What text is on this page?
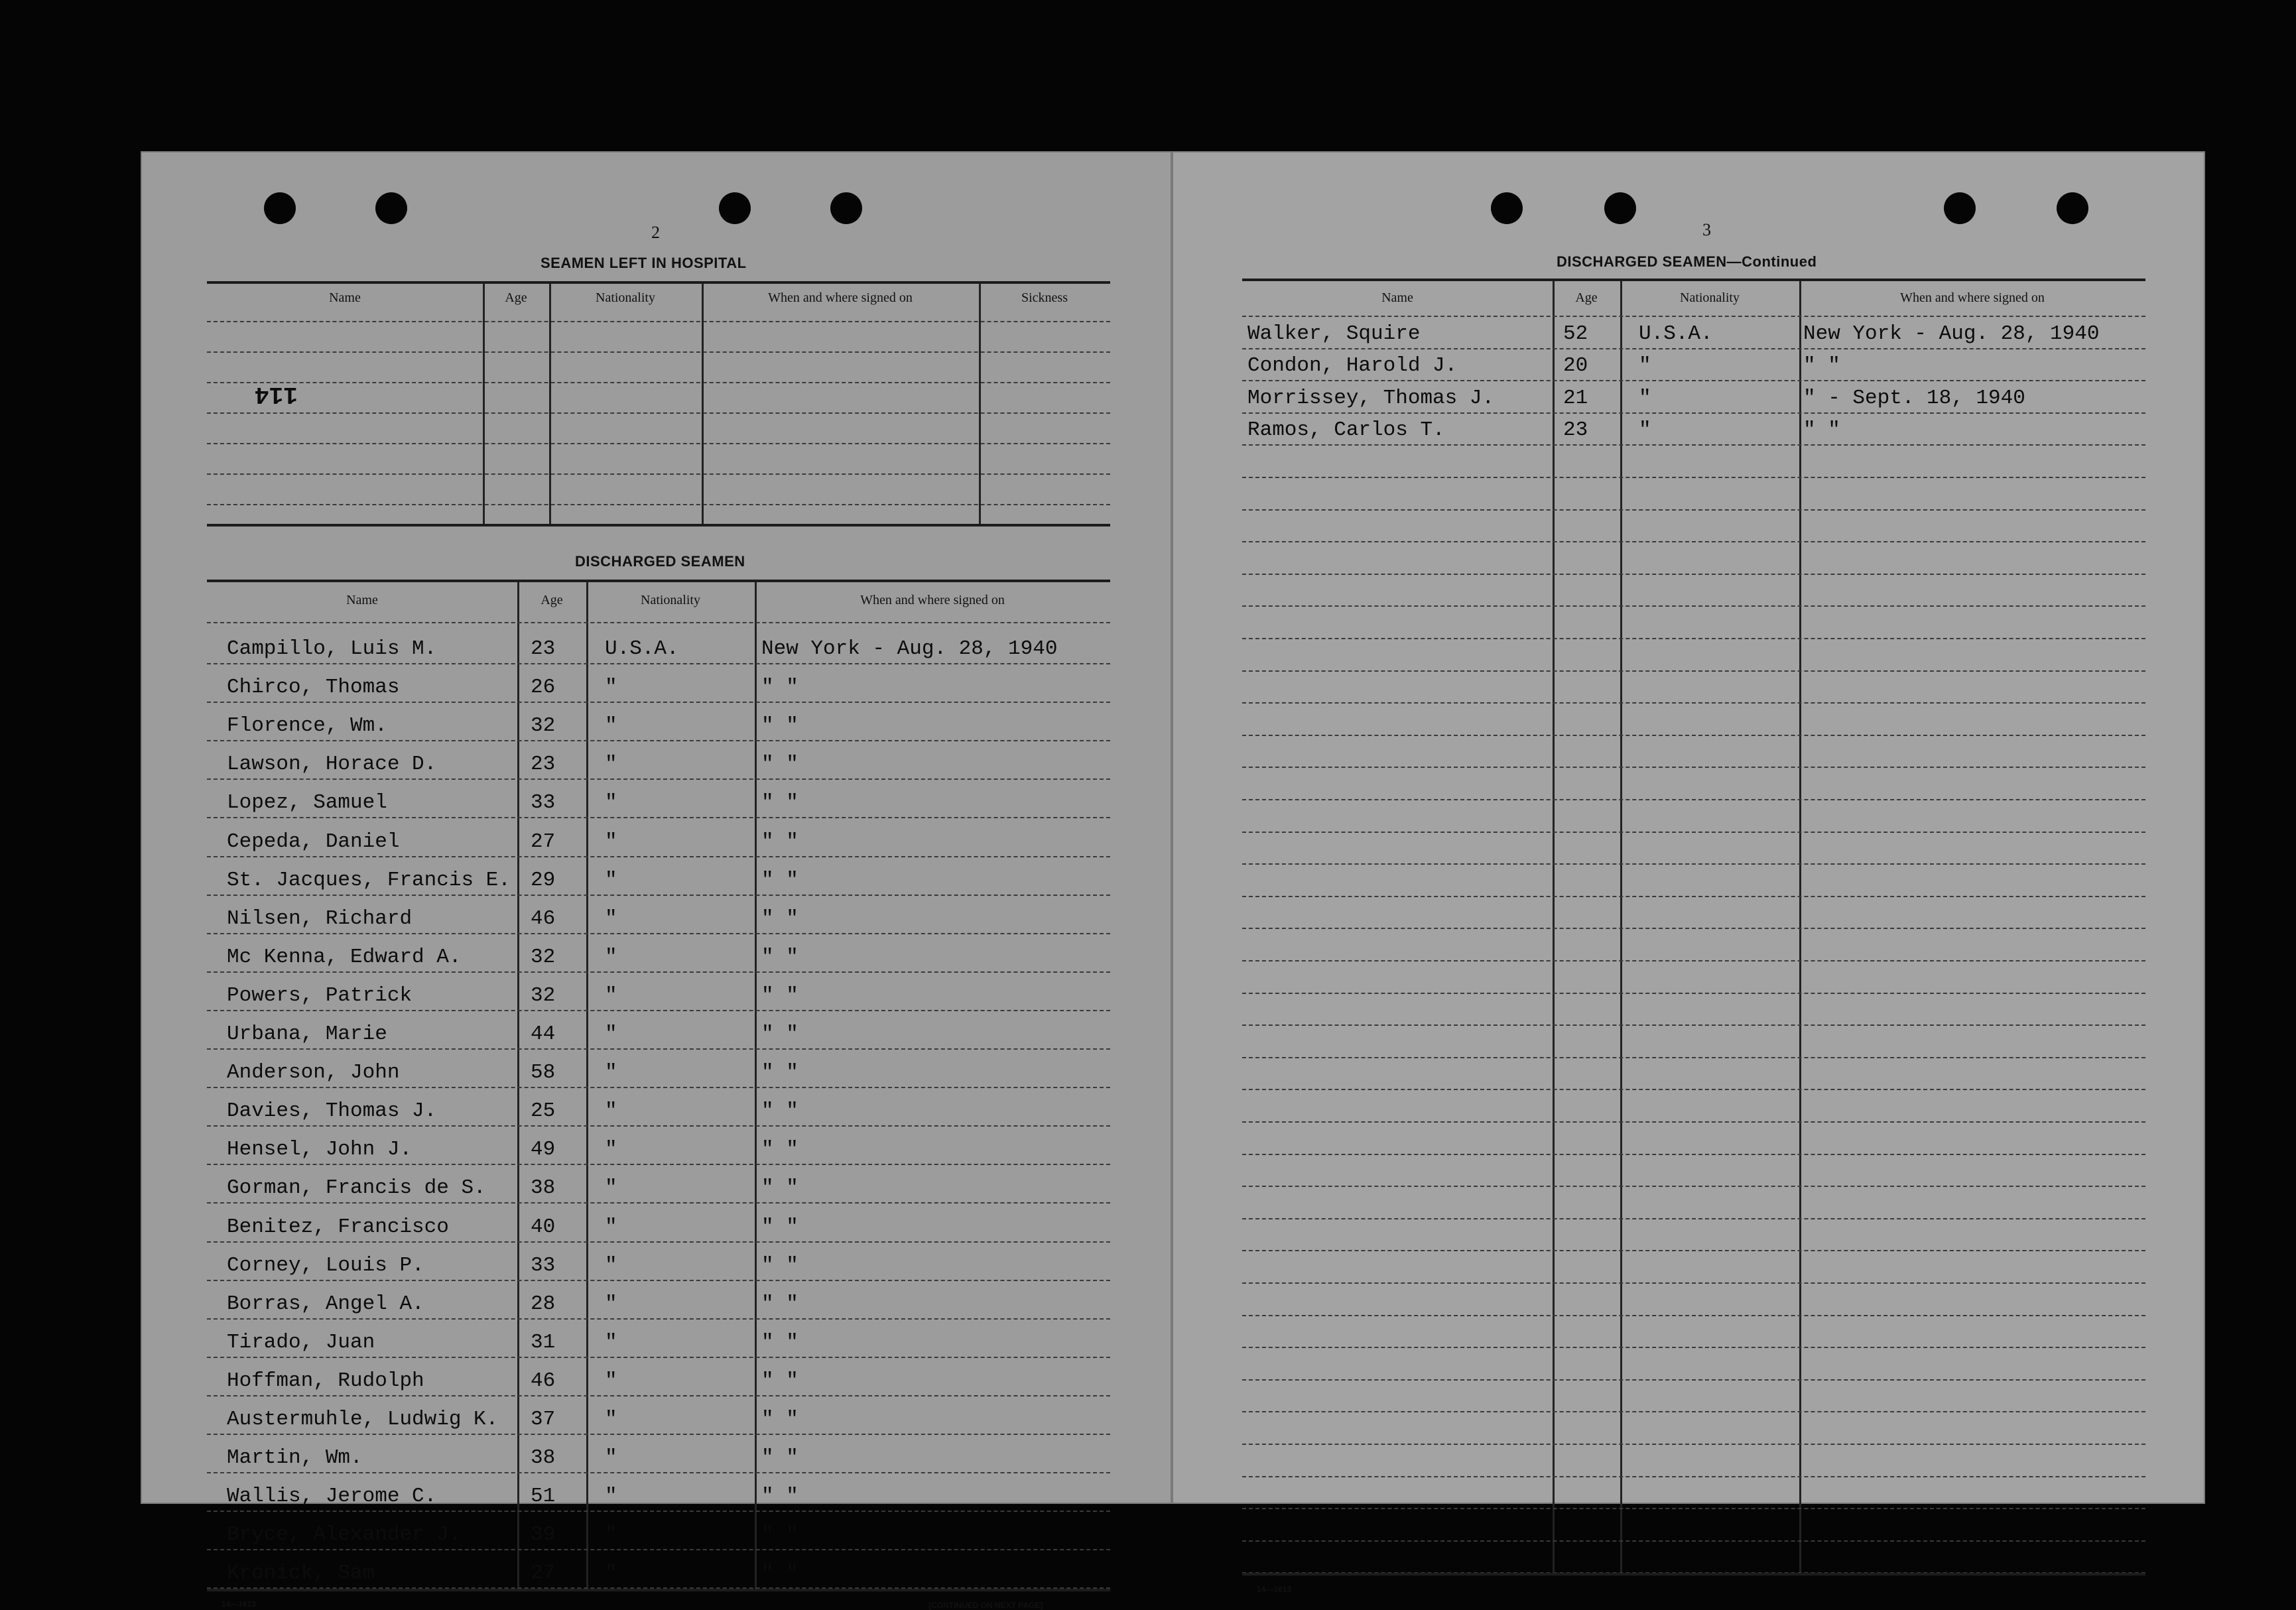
2
SEAMEN LEFT IN HOSPITAL
Name	Age	Nationality	When and where signed on	Sickness
114
DISCHARGED SEAMEN
Name	Age	Nationality	When and where signed on
Campillo, Luis M.	23 U.S.A.	New York - Aug. 28, 1940
Chirco, Thomas	26 "	" "
Florence, Wm.	32 "	" "
Lawson, Horace D.	23 "	" "
Lopez, Samuel	33 "	" "
Cepeda, Daniel	27 "	" "
St. Jacques, Francis E. 29 "	" "
Nilsen, Richard	46 "	" "
Mc Kenna, Edward A.	32 "	" "
Powers, Patrick	32 "	" "
Urbana, Marie	44 "	" "
Anderson, John	58 "	" "
Davies, Thomas J.	25 "	" "
Hensel, John J.	49 "	" "
Gorman, Francis de S. 38 "	" "
Benitez, Francisco	40 "	" "
Corney, Louis P.	33 "	" "
Borras, Angel A.	28 "	" "
Tirado, Juan	31 "	" "
Hoffman, Rudolph	46 "	" "
Austermuhle, Ludwig K. 37 "	" "
Martin, Wm.	38 "	" "
Wallis, Jerome C.	51 "	" "
Bryce, Alexander J.	39 "	" "
Kronick, Sam	27 "	" "
14—1613	[CONTINUED ON NEXT PAGE]
3
DISCHARGED SEAMEN—Continued
Name	Age	Nationality	When and where signed on
Walker, Squire	52 U.S.A.	New York - Aug. 28, 1940
Condon, Harold J.	20 "	" "
Morrissey, Thomas J.	21 "	" - Sept. 18, 1940
Ramos, Carlos T.	23 "	" "
14—1613
